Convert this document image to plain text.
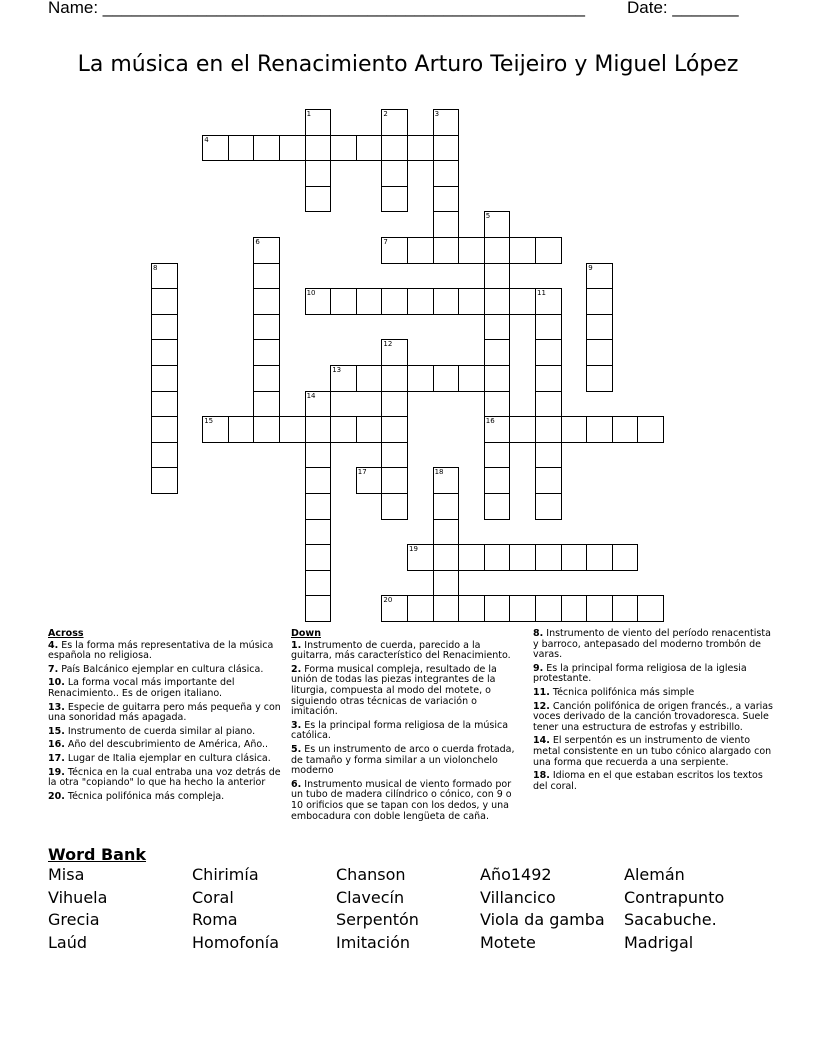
Name: ___________________________________________________ Date: _______
La música en el Renacimiento Arturo Teijeiro y Miguel López
4
1	2	3
7
5
16
6
8	9
10	11
12
13
14
15
17	18
19
20
Across
4. Es la forma más representativa de la música española no religiosa.
7. País Balcánico ejemplar en cultura clásica.
10. La forma vocal más importante del Renacimiento.. Es de origen italiano.
13. Especie de guitarra pero más pequeña y con una sonoridad más apagada.
15. Instrumento de cuerda similar al piano.
16. Año del descubrimiento de América, Año..
17. Lugar de Italia ejemplar en cultura clásica.
19. Técnica en la cual entraba una voz detrás de la otra "copiando" lo que ha hecho la anterior
20. Técnica polifónica más compleja.
Down
1. Instrumento de cuerda, parecido a la guitarra, más característico del Renacimiento.
2. Forma musical compleja, resultado de la unión de todas las piezas integrantes de la liturgia, compuesta al modo del motete, o siguiendo otras técnicas de variación o imitación.
3. Es la principal forma religiosa de la música católica.
5. Es un instrumento de arco o cuerda frotada, de tamaño y forma similar a un violonchelo moderno
6. Instrumento musical de viento formado por un tubo de madera cilíndrico o cónico, con 9 o 10 orificios que se tapan con los dedos, y una embocadura con doble lengüeta de caña.
8. Instrumento de viento del período renacentista y barroco, antepasado del moderno trombón de varas.
9. Es la principal forma religiosa de la iglesia protestante.
11. Técnica polifónica más simple
12. Canción polifónica de origen francés., a varias voces derivado de la canción trovadoresca. Suele tener una estructura de estrofas y estribillo.
14. El serpentón es un instrumento de viento metal consistente en un tubo cónico alargado con una forma que recuerda a una serpiente.
18. Idioma en el que estaban escritos los textos del coral.
Word Bank
Misa	Chirimía	Chanson	Año1492	Alemán
Vihuela	Coral	Clavecín	Villancico	Contrapunto
Grecia	Roma	Serpentón	Viola da gamba	Sacabuche.
Laúd	Homofonía	Imitación	Motete	Madrigal
